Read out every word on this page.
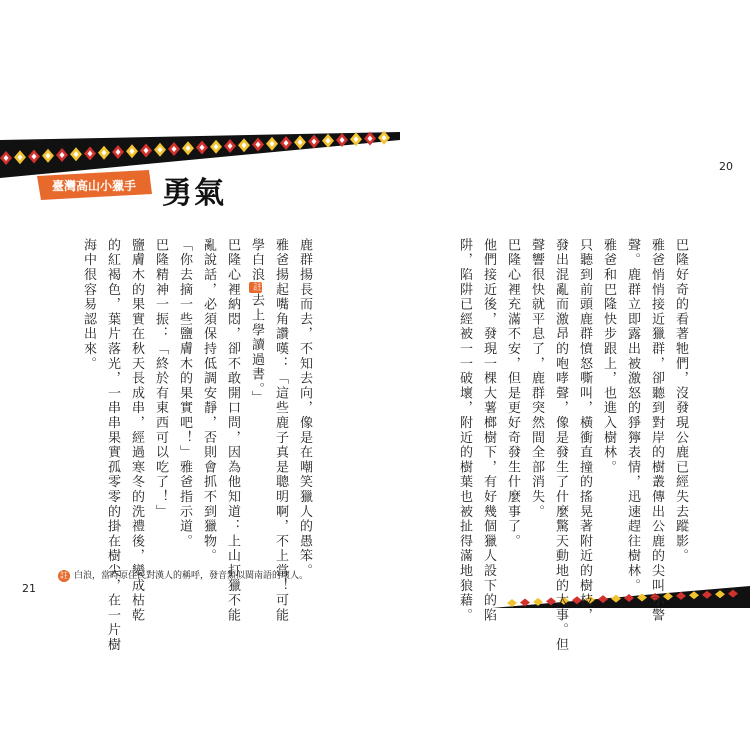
臺灣高山小獵手 勇氣
20
21
巴隆好奇的看著牠們，沒發現公鹿已經失去蹤影。
雅爸悄悄接近獵群，卻聽到對岸的樹叢傳出公鹿的尖叫示警
聲。鹿群立即露出被激怒的猙獰表情，迅速趕往樹林。
雅爸和巴隆快步跟上，也進入樹林。
只聽到前頭鹿群憤怒嘶叫，橫衝直撞的搖晃著附近的樹枝，
發出混亂而激昂的咆哮聲，像是發生了什麼驚天動地的大事。但
聲響很快就平息了，鹿群突然間全部消失。
巴隆心裡充滿不安，但是更好奇發生什麼事了。
他們接近後，發現一棵大薯榔樹下，有好幾個獵人設下的陷
阱，陷阱已經被一一破壞，附近的樹葉也被扯得滿地狼藉。
鹿群揚長而去，不知去向，像是在嘲笑獵人的愚笨。
雅爸揚起嘴角讚嘆：「這些鹿子真是聰明啊，不上當！可能
學白浪註去上學讀過書。」
巴隆心裡納悶，卻不敢開口問，因為他知道：上山打獵不能
亂說話，必須保持低調安靜，否則會抓不到獵物。
「你去摘一些鹽膚木的果實吧！」雅爸指示道。
巴隆精神一振：「終於有東西可以吃了！」
鹽膚木的果實在秋天長成串，經過寒冬的洗禮後，變成枯乾
的紅褐色，葉片落光，一串串果實孤零零的掛在樹尖，在一片樹
海中很容易認出來。
註 白浪，當時原住民對漢人的稱呼，發音類似閩南語的壞人。
